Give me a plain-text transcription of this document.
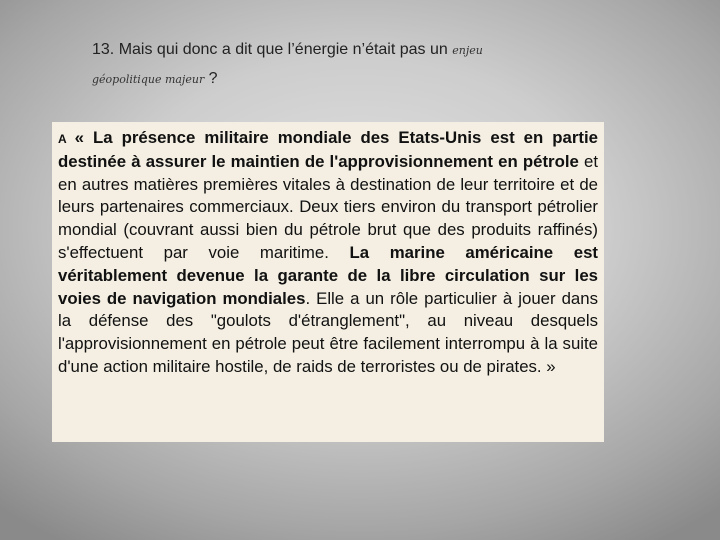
13. Mais qui donc a dit que l’énergie n’était pas un enjeu
géopolitique majeur ?
A « La présence militaire mondiale des Etats-Unis est en partie destinée à assurer le maintien de l'approvisionnement en pétrole et en autres matières premières vitales à destination de leur territoire et de leurs partenaires commerciaux. Deux tiers environ du transport pétrolier mondial (couvrant aussi bien du pétrole brut que des produits raffinés) s'effectuent par voie maritime. La marine américaine est véritablement devenue la garante de la libre circulation sur les voies de navigation mondiales. Elle a un rôle particulier à jouer dans la défense des "goulots d'étranglement", au niveau desquels l'approvisionnement en pétrole peut être facilement interrompu à la suite d'une action militaire hostile, de raids de terroristes ou de pirates. »
